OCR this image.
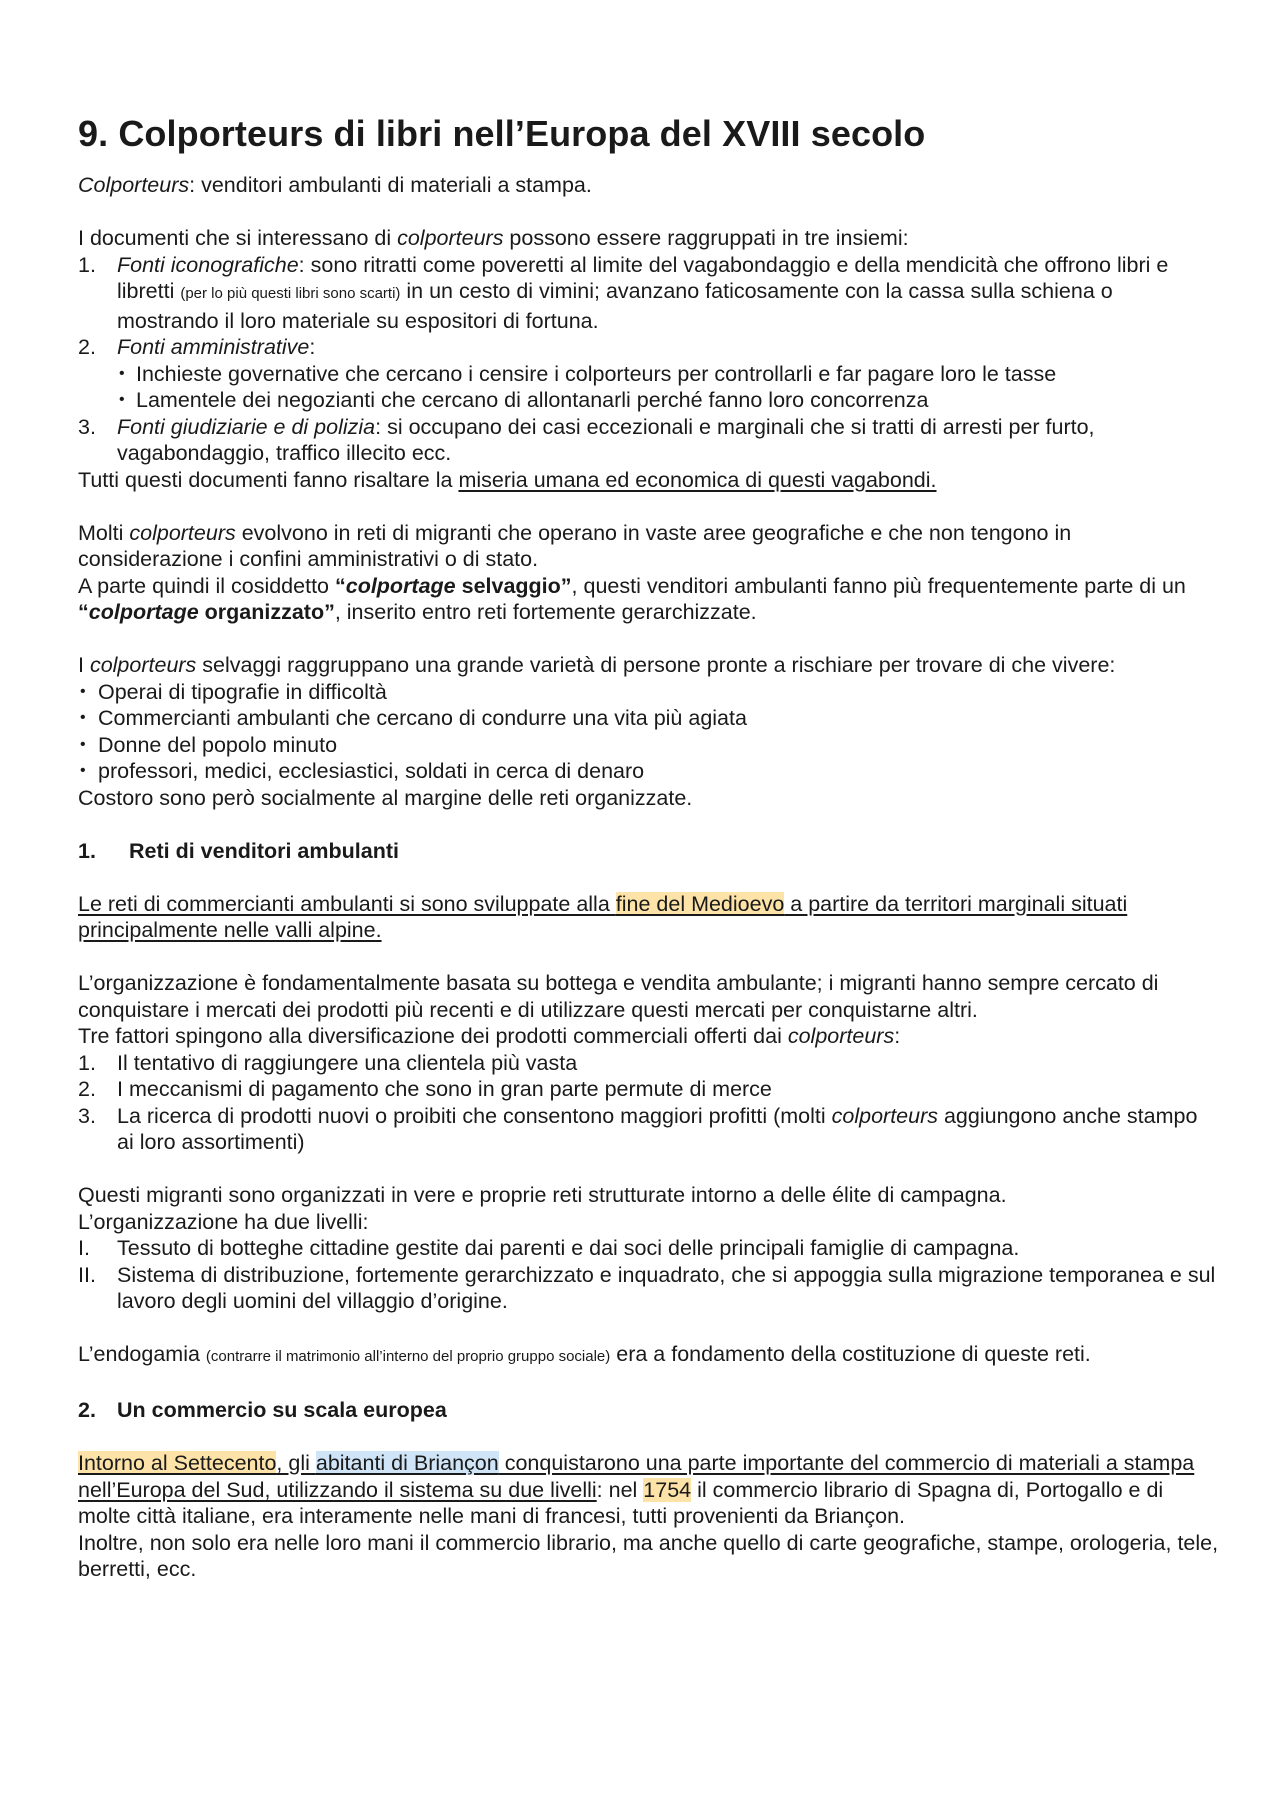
9. Colporteurs di libri nell’Europa del XVIII secolo

Colporteurs: venditori ambulanti di materiali a stampa.

I documenti che si interessano di colporteurs possono essere raggruppati in tre insiemi:

1. Fonti iconografiche: sono ritratti come poveretti al limite del vagabondaggio e della mendicità che offrono libri e libretti (per lo più questi libri sono scarti) in un cesto di vimini; avanzano faticosamente con la cassa sulla schiena o mostrando il loro materiale su espositori di fortuna.
2. Fonti amministrative:
• Inchieste governative che cercano i censire i colporteurs per controllarli e far pagare loro le tasse
• Lamentele dei negozianti che cercano di allontanarli perché fanno loro concorrenza
3. Fonti giudiziarie e di polizia: si occupano dei casi eccezionali e marginali che si tratti di arresti per furto, vagabondaggio, traffico illecito ecc.

Tutti questi documenti fanno risaltare la miseria umana ed economica di questi vagabondi.

Molti colporteurs evolvono in reti di migranti che operano in vaste aree geografiche e che non tengono in considerazione i confini amministrativi o di stato.

A parte quindi il cosiddetto “colportage selvaggio”, questi venditori ambulanti fanno più frequentemente parte di un “colportage organizzato”, inserito entro reti fortemente gerarchizzate.

I colporteurs selvaggi raggruppano una grande varietà di persone pronte a rischiare per trovare di che vivere:

• Operai di tipografie in difficoltà
• Commercianti ambulanti che cercano di condurre una vita più agiata
• Donne del popolo minuto
• professori, medici, ecclesiastici, soldati in cerca di denaro

Costoro sono però socialmente al margine delle reti organizzate.

1. Reti di venditori ambulanti

Le reti di commercianti ambulanti si sono sviluppate alla fine del Medioevo a partire da territori marginali situati principalmente nelle valli alpine.

L’organizzazione è fondamentalmente basata su bottega e vendita ambulante; i migranti hanno sempre cercato di conquistare i mercati dei prodotti più recenti e di utilizzare questi mercati per conquistarne altri.

Tre fattori spingono alla diversificazione dei prodotti commerciali offerti dai colporteurs:

1. Il tentativo di raggiungere una clientela più vasta
2. I meccanismi di pagamento che sono in gran parte permute di merce
3. La ricerca di prodotti nuovi o proibiti che consentono maggiori profitti (molti colporteurs aggiungono anche stampo ai loro assortimenti)

Questi migranti sono organizzati in vere e proprie reti strutturate intorno a delle élite di campagna.

L’organizzazione ha due livelli:

I. Tessuto di botteghe cittadine gestite dai parenti e dai soci delle principali famiglie di campagna.
II. Sistema di distribuzione, fortemente gerarchizzato e inquadrato, che si appoggia sulla migrazione temporanea e sul lavoro degli uomini del villaggio d’origine.

L’endogamia (contrarre il matrimonio all’interno del proprio gruppo sociale) era a fondamento della costituzione di queste reti.

2. Un commercio su scala europea

Intorno al Settecento, gli abitanti di Briançon conquistarono una parte importante del commercio di materiali a stampa nell’Europa del Sud, utilizzando il sistema su due livelli: nel 1754 il commercio librario di Spagna di, Portogallo e di molte città italiane, era interamente nelle mani di francesi, tutti provenienti da Briançon.

Inoltre, non solo era nelle loro mani il commercio librario, ma anche quello di carte geografiche, stampe, orologeria, tele, berretti, ecc.
